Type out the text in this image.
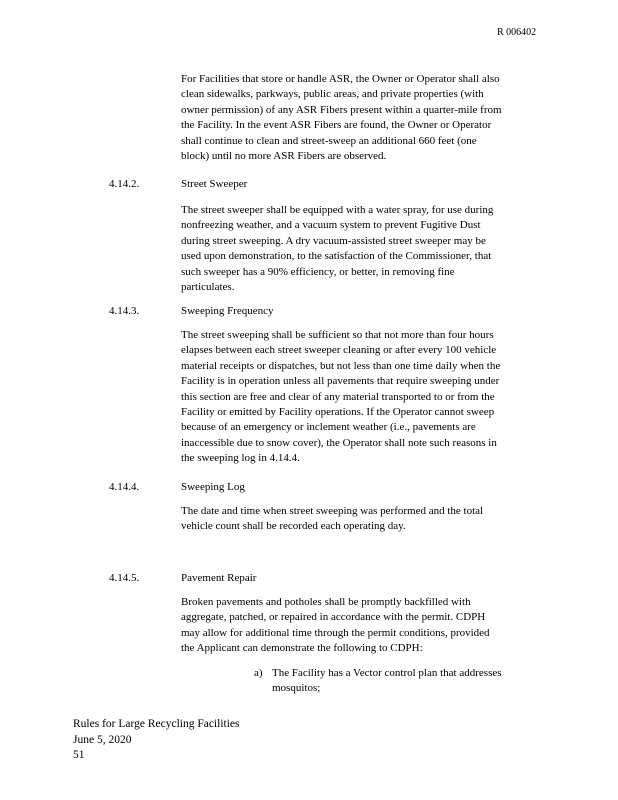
R 006402
For Facilities that store or handle ASR, the Owner or Operator shall also
clean sidewalks, parkways, public areas, and private properties (with
owner permission) of any ASR Fibers present within a quarter-mile from
the Facility. In the event ASR Fibers are found, the Owner or Operator
shall continue to clean and street-sweep an additional 660 feet (one
block) until no more ASR Fibers are observed.
4.14.2.	Street Sweeper
The street sweeper shall be equipped with a water spray, for use during
nonfreezing weather, and a vacuum system to prevent Fugitive Dust
during street sweeping. A dry vacuum-assisted street sweeper may be
used upon demonstration, to the satisfaction of the Commissioner, that
such sweeper has a 90% efficiency, or better, in removing fine
particulates.
4.14.3.	Sweeping Frequency
The street sweeping shall be sufficient so that not more than four hours
elapses between each street sweeper cleaning or after every 100 vehicle
material receipts or dispatches, but not less than one time daily when the
Facility is in operation unless all pavements that require sweeping under
this section are free and clear of any material transported to or from the
Facility or emitted by Facility operations. If the Operator cannot sweep
because of an emergency or inclement weather (i.e., pavements are
inaccessible due to snow cover), the Operator shall note such reasons in
the sweeping log in 4.14.4.
4.14.4.	Sweeping Log
The date and time when street sweeping was performed and the total
vehicle count shall be recorded each operating day.
4.14.5.	Pavement Repair
Broken pavements and potholes shall be promptly backfilled with
aggregate, patched, or repaired in accordance with the permit. CDPH
may allow for additional time through the permit conditions, provided
the Applicant can demonstrate the following to CDPH:
a) The Facility has a Vector control plan that addresses
mosquitos;
Rules for Large Recycling Facilities
June 5, 2020
51
